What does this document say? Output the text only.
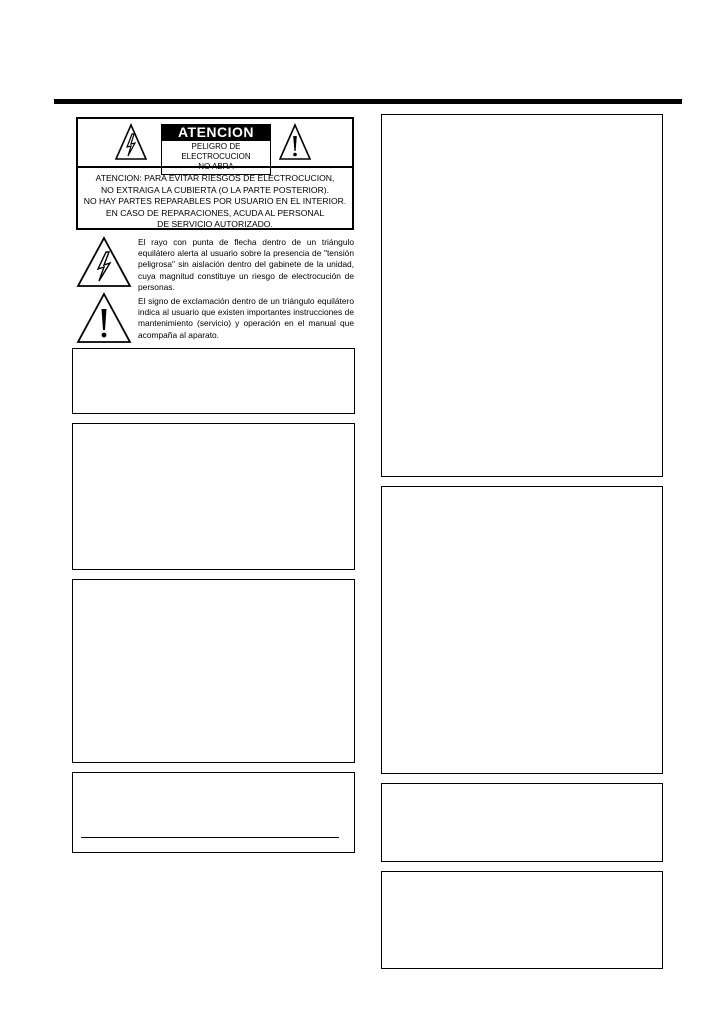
ATENCION
PELIGRO DE ELECTROCUCION
NO ABRA
ATENCION: PARA EVITAR RIESGOS DE ELECTROCUCION,
NO EXTRAIGA LA CUBIERTA (O LA PARTE POSTERIOR).
NO HAY PARTES REPARABLES POR USUARIO EN EL INTERIOR.
EN CASO DE REPARACIONES, ACUDA AL PERSONAL
DE SERVICIO AUTORIZADO.
El rayo con punta de flecha dentro de un triángulo equilátero alerta al usuario sobre la presencia de "tensión peligrosa" sin aislación dentro del gabinete de la unidad, cuya magnitud constituye un riesgo de electrocución de personas.
El signo de exclamación dentro de un triángulo equilátero indica al usuario que existen importantes instrucciones de mantenimiento (servicio) y operación en el manual que acompaña al aparato.
